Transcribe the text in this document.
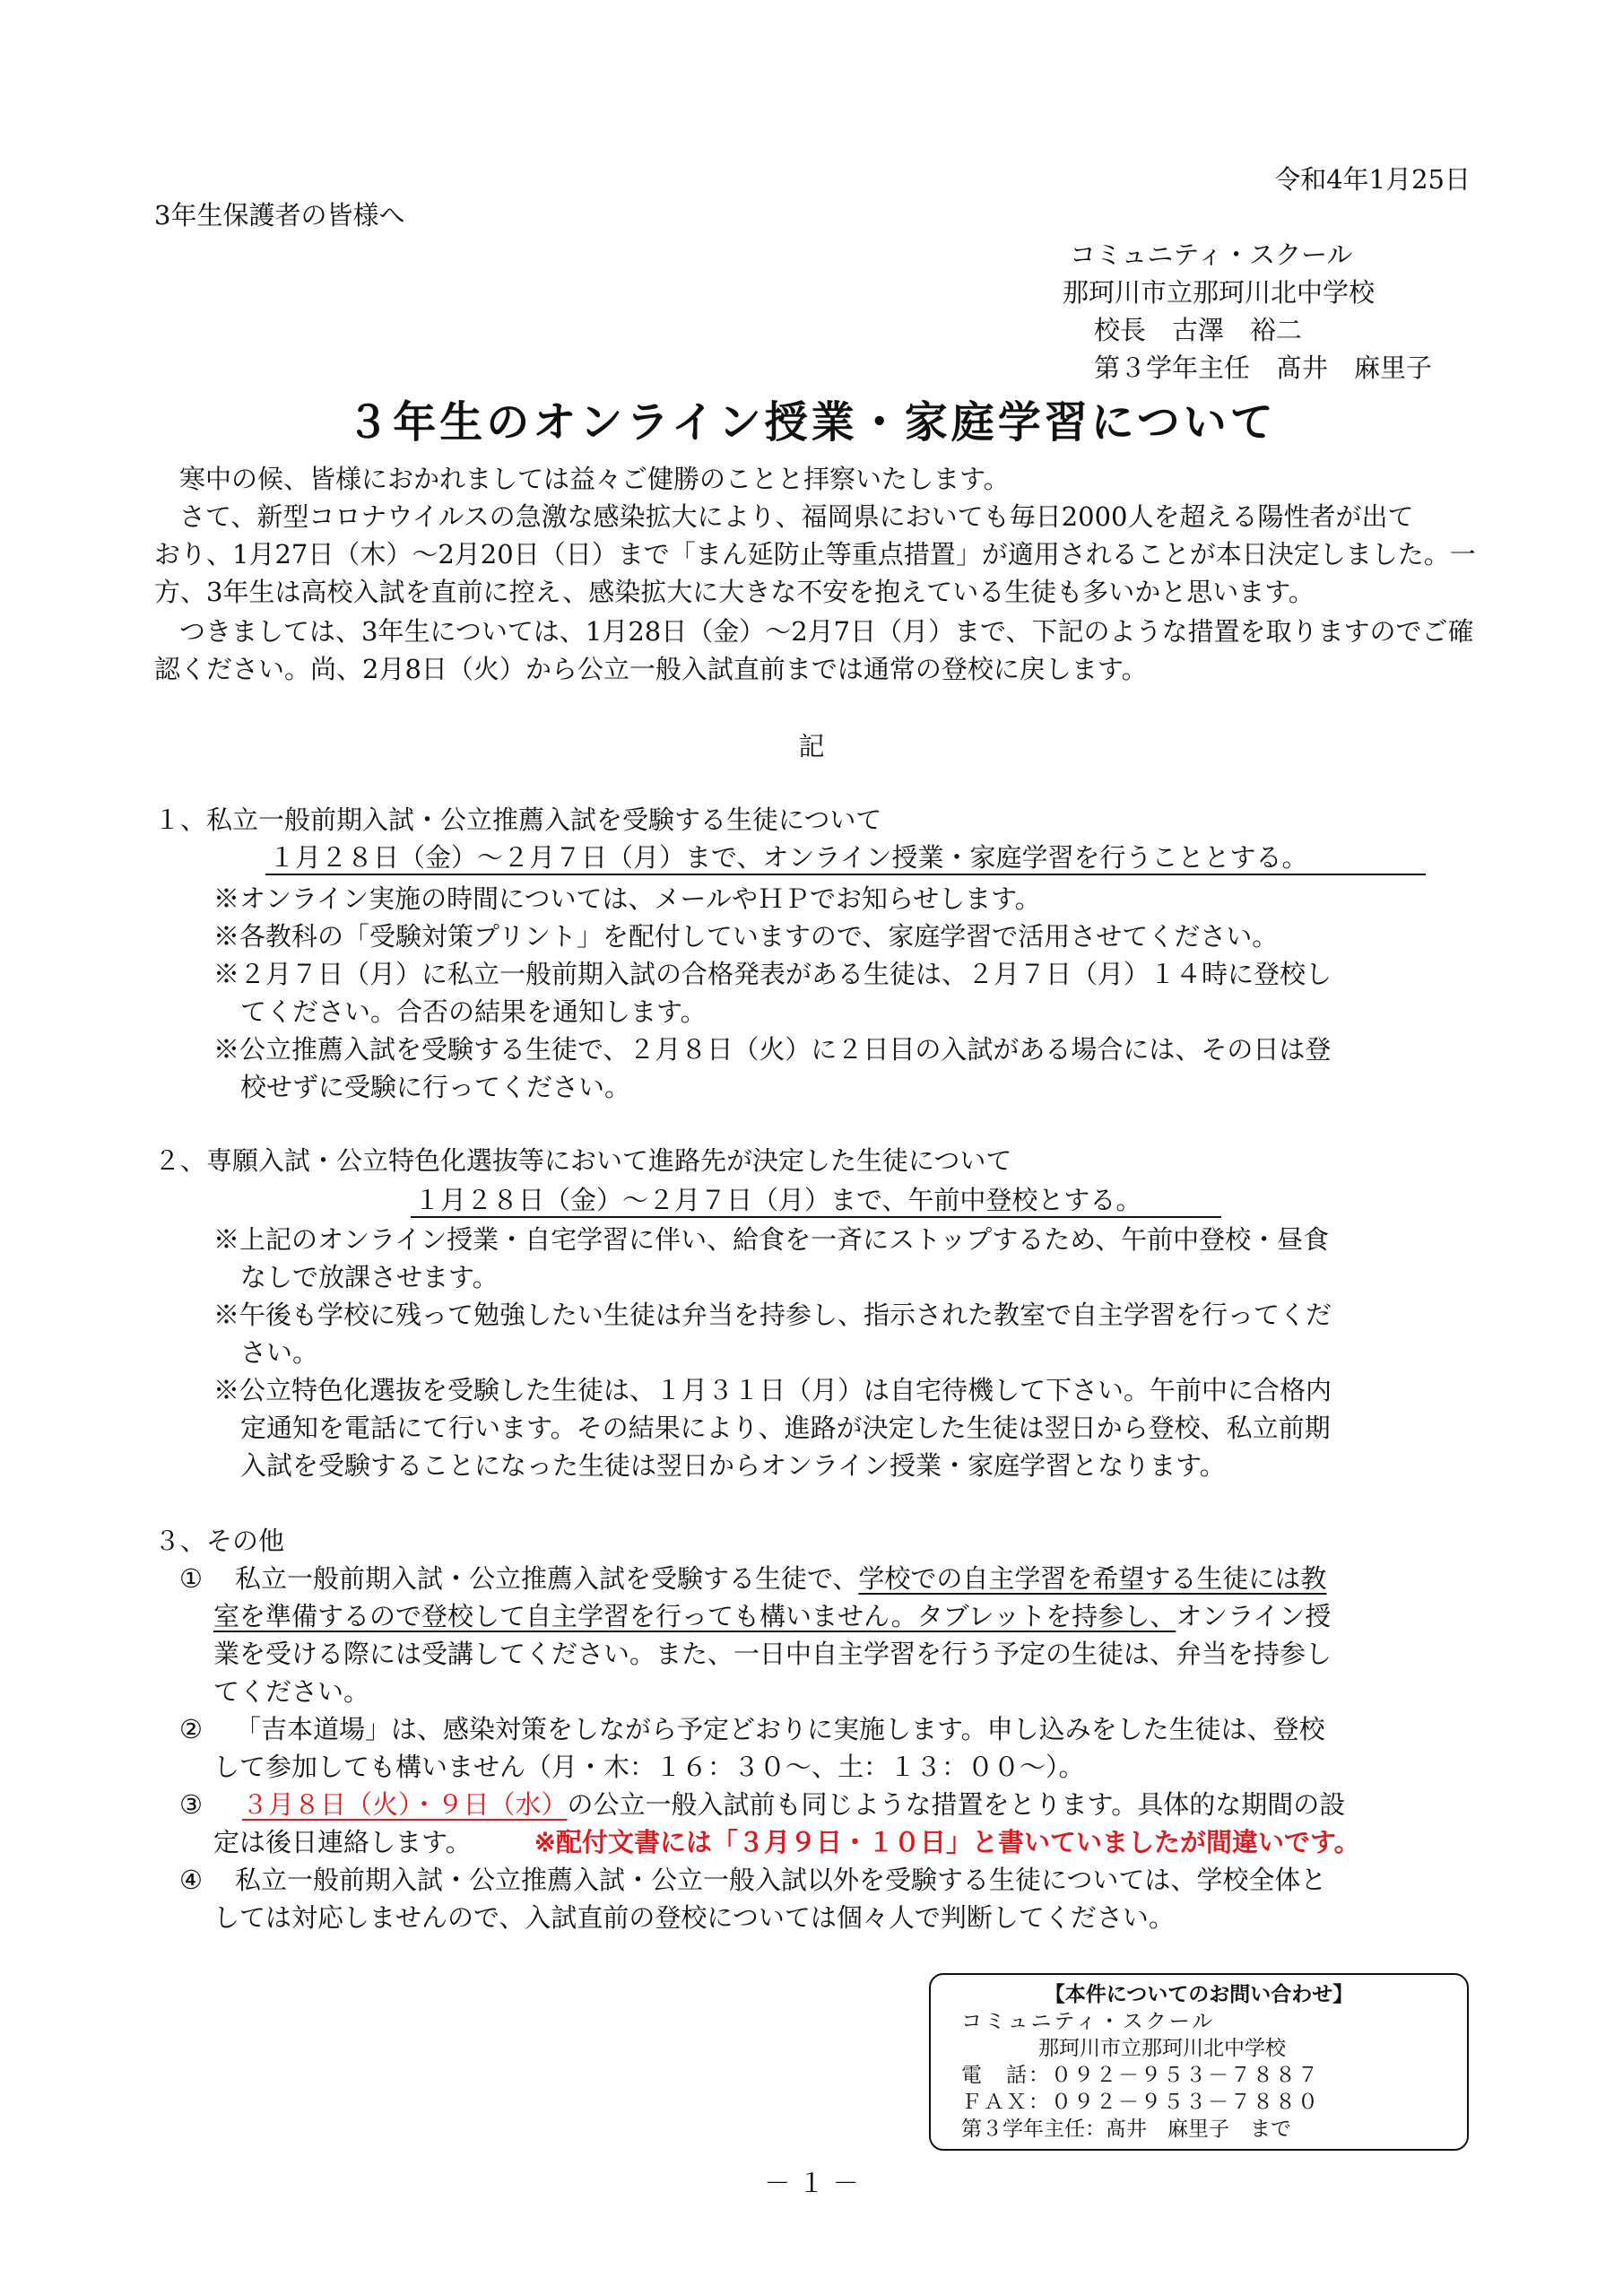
令和4年1月25日
3年生保護者の皆様へ
コミュニティ・スクール
那珂川市立那珂川北中学校
校長　古澤　裕二
第３学年主任　髙井　麻里子
３年生のオンライン授業・家庭学習について
寒中の候、皆様におかれましては益々ご健勝のことと拝察いたします。
さて、新型コロナウイルスの急激な感染拡大により、福岡県においても毎日2000人を超える陽性者が出て
おり、1月27日（木）～2月20日（日）まで「まん延防止等重点措置」が適用されることが本日決定しました。一
方、3年生は高校入試を直前に控え、感染拡大に大きな不安を抱えている生徒も多いかと思います。
つきましては、3年生については、1月28日（金）～2月7日（月）まで、下記のような措置を取りますのでご確
認ください。尚、2月8日（火）から公立一般入試直前までは通常の登校に戻します。
記
１、私立一般前期入試・公立推薦入試を受験する生徒について
１月２８日（金）～２月７日（月）まで、オンライン授業・家庭学習を行うこととする。
※オンライン実施の時間については、メールやＨＰでお知らせします。
※各教科の「受験対策プリント」を配付していますので、家庭学習で活用させてください。
※２月７日（月）に私立一般前期入試の合格発表がある生徒は、２月７日（月）１４時に登校し
てください。合否の結果を通知します。
※公立推薦入試を受験する生徒で、２月８日（火）に２日目の入試がある場合には、その日は登
校せずに受験に行ってください。
２、専願入試・公立特色化選抜等において進路先が決定した生徒について
１月２８日（金）～２月７日（月）まで、午前中登校とする。
※上記のオンライン授業・自宅学習に伴い、給食を一斉にストップするため、午前中登校・昼食
なしで放課させます。
※午後も学校に残って勉強したい生徒は弁当を持参し、指示された教室で自主学習を行ってくだ
さい。
※公立特色化選抜を受験した生徒は、１月３１日（月）は自宅待機して下さい。午前中に合格内
定通知を電話にて行います。その結果により、進路が決定した生徒は翌日から登校、私立前期
入試を受験することになった生徒は翌日からオンライン授業・家庭学習となります。
３、その他
① 私立一般前期入試・公立推薦入試を受験する生徒で、学校での自主学習を希望する生徒には教
室を準備するので登校して自主学習を行っても構いません。タブレットを持参し、オンライン授
業を受ける際には受講してください。また、一日中自主学習を行う予定の生徒は、弁当を持参し
てください。
② 「吉本道場」は、感染対策をしながら予定どおりに実施します。申し込みをした生徒は、登校
して参加しても構いません（月・木：１６：３０～、土：１３：００～）。
③ ３月８日（火）・９日（水）の公立一般入試前も同じような措置をとります。具体的な期間の設
定は後日連絡します。 ※配付文書には「３月９日・１０日」と書いていましたが間違いです。
④ 私立一般前期入試・公立推薦入試・公立一般入試以外を受験する生徒については、学校全体と
しては対応しませんので、入試直前の登校については個々人で判断してください。
【本件についてのお問い合わせ】
コミュニティ・スクール
那珂川市立那珂川北中学校
電　話：０９２－９５３－７８８７
ＦＡＸ：０９２－９５３－７８８０
第３学年主任：髙井　麻里子　まで
－ １ －
